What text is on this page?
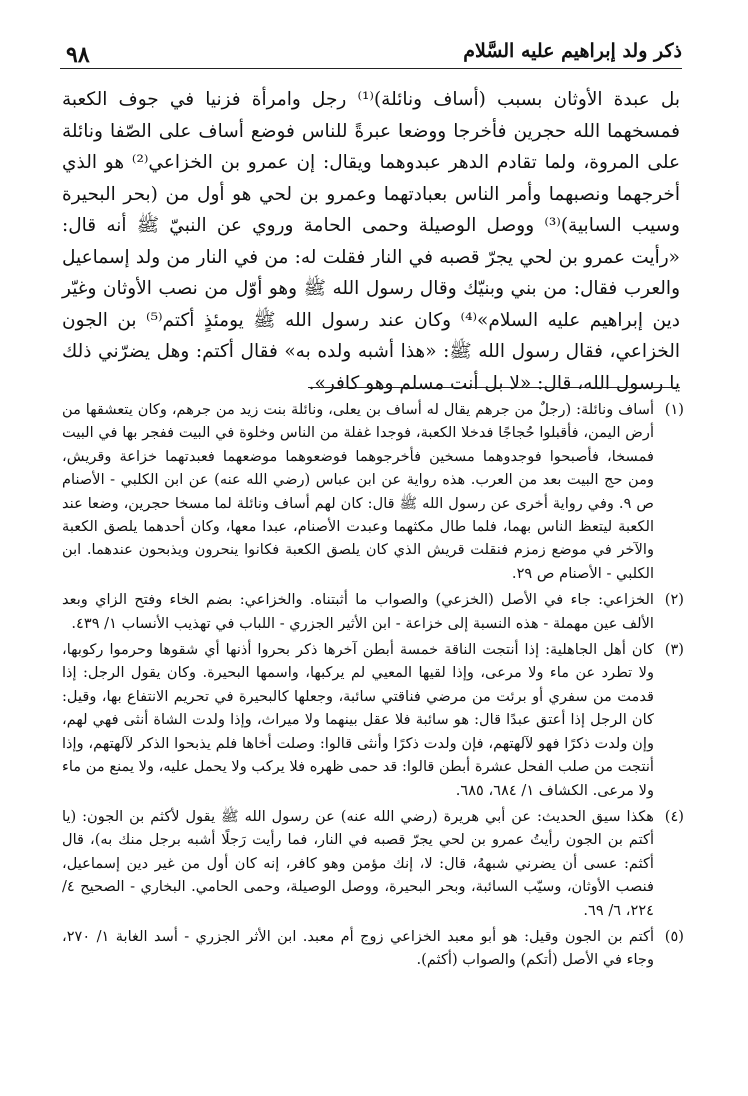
ذكر ولد إبراهيم عليه السَّلام
٩٨

بل عبدة الأوثان بسبب (أساف ونائلة)⁽¹⁾ رجل وامرأة فزنيا في جوف الكعبة فمسخهما الله حجرين فأخرجا ووضعا عبرةً للناس فوضع أساف على الصّفا ونائلة على المروة، ولما تقادم الدهر عبدوهما ويقال: إن عمرو بن الخزاعي⁽²⁾ هو الذي أخرجهما ونصبهما وأمر الناس بعبادتهما وعمرو بن لحي هو أول من (بحر البحيرة وسيب السابية)⁽³⁾ ووصل الوصيلة وحمى الحامة وروي عن النبيّ ﷺ أنه قال: «رأيت عمرو بن لحي يجرّ قصبه في النار فقلت له: من في النار من ولد إسماعيل والعرب فقال: من بني وبنيّك وقال رسول الله ﷺ وهو أوّل من نصب الأوثان وغيّر دين إبراهيم عليه السلام»⁽⁴⁾ وكان عند رسول الله ﷺ يومئذٍ أكتم⁽⁵⁾ بن الجون الخزاعي، فقال رسول الله ﷺ: «هذا أشبه ولده به» فقال أكتم: وهل يضرّني ذلك يا رسول الله، قال: «لا بل أنت مسلم وهو كافر».

(١)
أساف ونائلة: (رجلٌ من جرهم يقال له أساف بن يعلى، ونائلة بنت زيد من جرهم، وكان يتعشقها من أرض اليمن، فأقبلوا حُجاجًا فدخلا الكعبة، فوجدا غفلة من الناس وخلوة في البيت ففجر بها في البيت فمسخا، فأصبحوا فوجدوهما مسخين فأخرجوهما فوضعوهما موضعهما فعبدتهما خزاعة وقريش، ومن حج البيت بعد من العرب. هذه رواية عن ابن عباس (رضي الله عنه) عن ابن الكلبي - الأصنام ص ٩. وفي رواية أخرى عن رسول الله ﷺ قال: كان لهم أساف ونائلة لما مسخا حجرين، وضعا عند الكعبة ليتعظ الناس بهما، فلما طال مكثهما وعبدت الأصنام، عبدا معها، وكان أحدهما يلصق الكعبة والآخر في موضع زمزم فنقلت قريش الذي كان يلصق الكعبة فكانوا ينحرون ويذبحون عندهما. ابن الكلبي - الأصنام ص ٢٩.
(٢)
الخزاعي: جاء في الأصل (الخزعي) والصواب ما أثبتناه. والخزاعي: بضم الخاء وفتح الزاي وبعد الألف عين مهملة - هذه النسبة إلى خزاعة - ابن الأثير الجزري - اللباب في تهذيب الأنساب ١/ ٤٣٩.
(٣)
كان أهل الجاهلية: إذا أنتجت الناقة خمسة أبطن آخرها ذكر بحروا أذنها أي شقوها وحرموا ركوبها، ولا تطرد عن ماء ولا مرعى، وإذا لقيها المعيي لم يركبها، واسمها البحيرة. وكان يقول الرجل: إذا قدمت من سفري أو برئت من مرضي فناقتي سائبة، وجعلها كالبحيرة في تحريم الانتفاع بها، وقيل: كان الرجل إذا أعتق عبدًا قال: هو سائبة فلا عقل بينهما ولا ميراث، وإذا ولدت الشاة أنثى فهي لهم، وإن ولدت ذكرًا فهو لآلهتهم، فإن ولدت ذكرًا وأنثى قالوا: وصلت أخاها فلم يذبحوا الذكر لآلهتهم، وإذا أنتجت من صلب الفحل عشرة أبطن قالوا: قد حمى ظهره فلا يركب ولا يحمل عليه، ولا يمنع من ماء ولا مرعى. الكشاف ١/ ٦٨٤، ٦٨٥.
(٤)
هكذا سيق الحديث: عن أبي هريرة (رضي الله عنه) عن رسول الله ﷺ يقول لأكثم بن الجون: (يا أكتم بن الجون رأيتُ عمرو بن لحي يجرّ قصبه في النار، فما رأيت رَجلًا أشبه برجل منك به)، قال أكثم: عسى أن يضرني شبههُ، قال: لا، إنك مؤمن وهو كافر، إنه كان أول من غير دين إسماعيل، فنصب الأوثان، وسيّب السائبة، وبحر البحيرة، ووصل الوصيلة، وحمى الحامي. البخاري - الصحيح ٤/ ٢٢٤، ٦/ ٦٩.
(٥)
أكتم بن الجون وقيل: هو أبو معبد الخزاعي زوج أم معبد. ابن الأثر الجزري - أسد الغابة ١/ ٢٧٠، وجاء في الأصل (أتكم) والصواب (أكثم).
